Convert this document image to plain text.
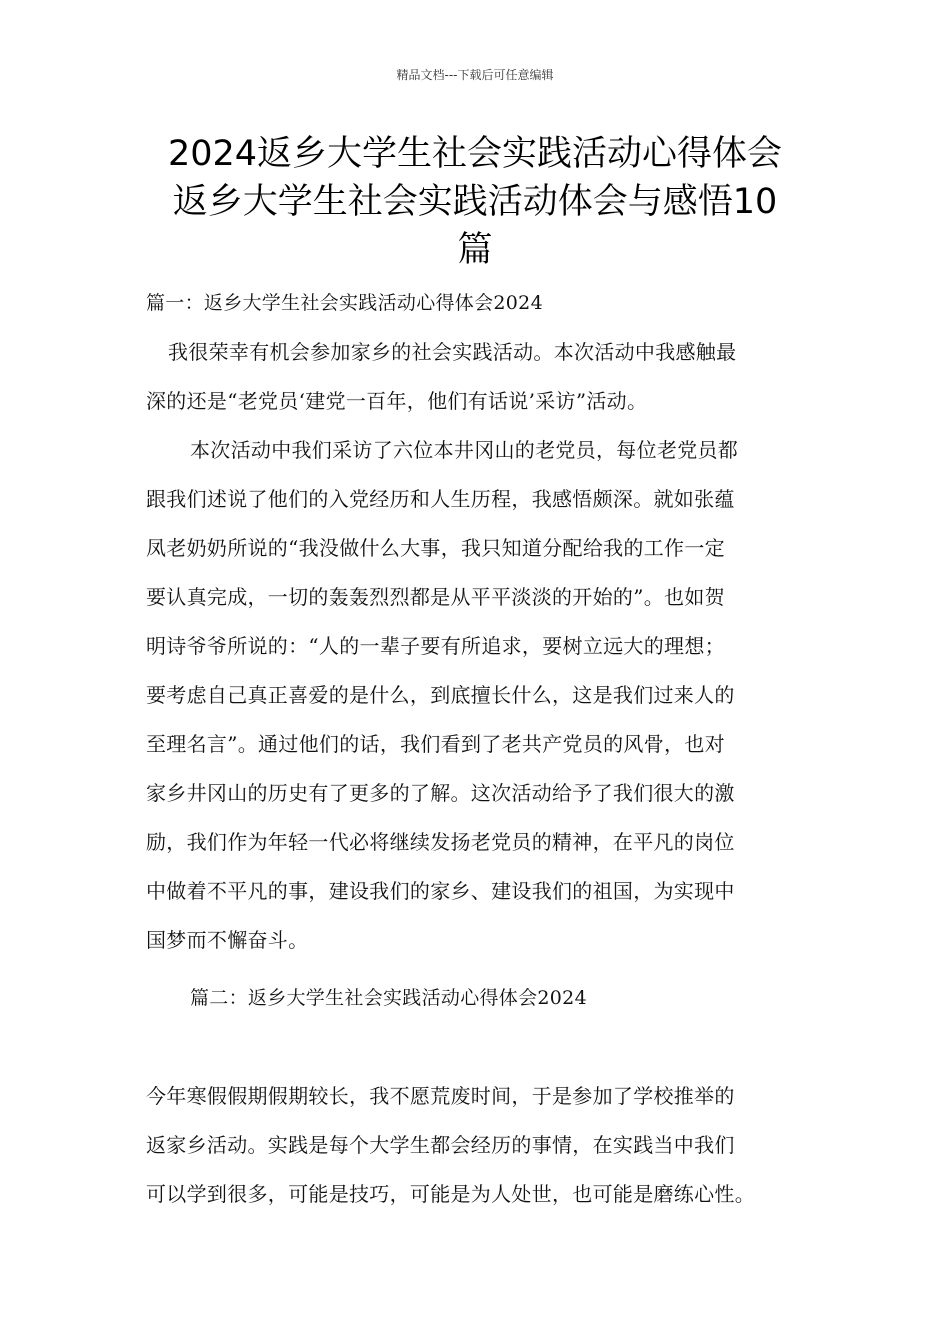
精品文档---下载后可任意编辑
2024返乡大学生社会实践活动心得体会
返乡大学生社会实践活动体会与感悟10
篇
篇一：返乡大学生社会实践活动心得体会2024
我很荣幸有机会参加家乡的社会实践活动。本次活动中我感触最
深的还是“老党员‘建党一百年，他们有话说’采访”活动。
本次活动中我们采访了六位本井冈山的老党员，每位老党员都
跟我们述说了他们的入党经历和人生历程，我感悟颇深。就如张蕴
凤老奶奶所说的“我没做什么大事，我只知道分配给我的工作一定
要认真完成，一切的轰轰烈烈都是从平平淡淡的开始的”。也如贺
明诗爷爷所说的：“人的一辈子要有所追求，要树立远大的理想；
要考虑自己真正喜爱的是什么，到底擅长什么，这是我们过来人的
至理名言”。通过他们的话，我们看到了老共产党员的风骨，也对
家乡井冈山的历史有了更多的了解。这次活动给予了我们很大的激
励，我们作为年轻一代必将继续发扬老党员的精神，在平凡的岗位
中做着不平凡的事，建设我们的家乡、建设我们的祖国，为实现中
国梦而不懈奋斗。
篇二：返乡大学生社会实践活动心得体会2024
今年寒假假期假期较长，我不愿荒废时间，于是参加了学校推举的
返家乡活动。实践是每个大学生都会经历的事情，在实践当中我们
可以学到很多，可能是技巧，可能是为人处世，也可能是磨练心性。
